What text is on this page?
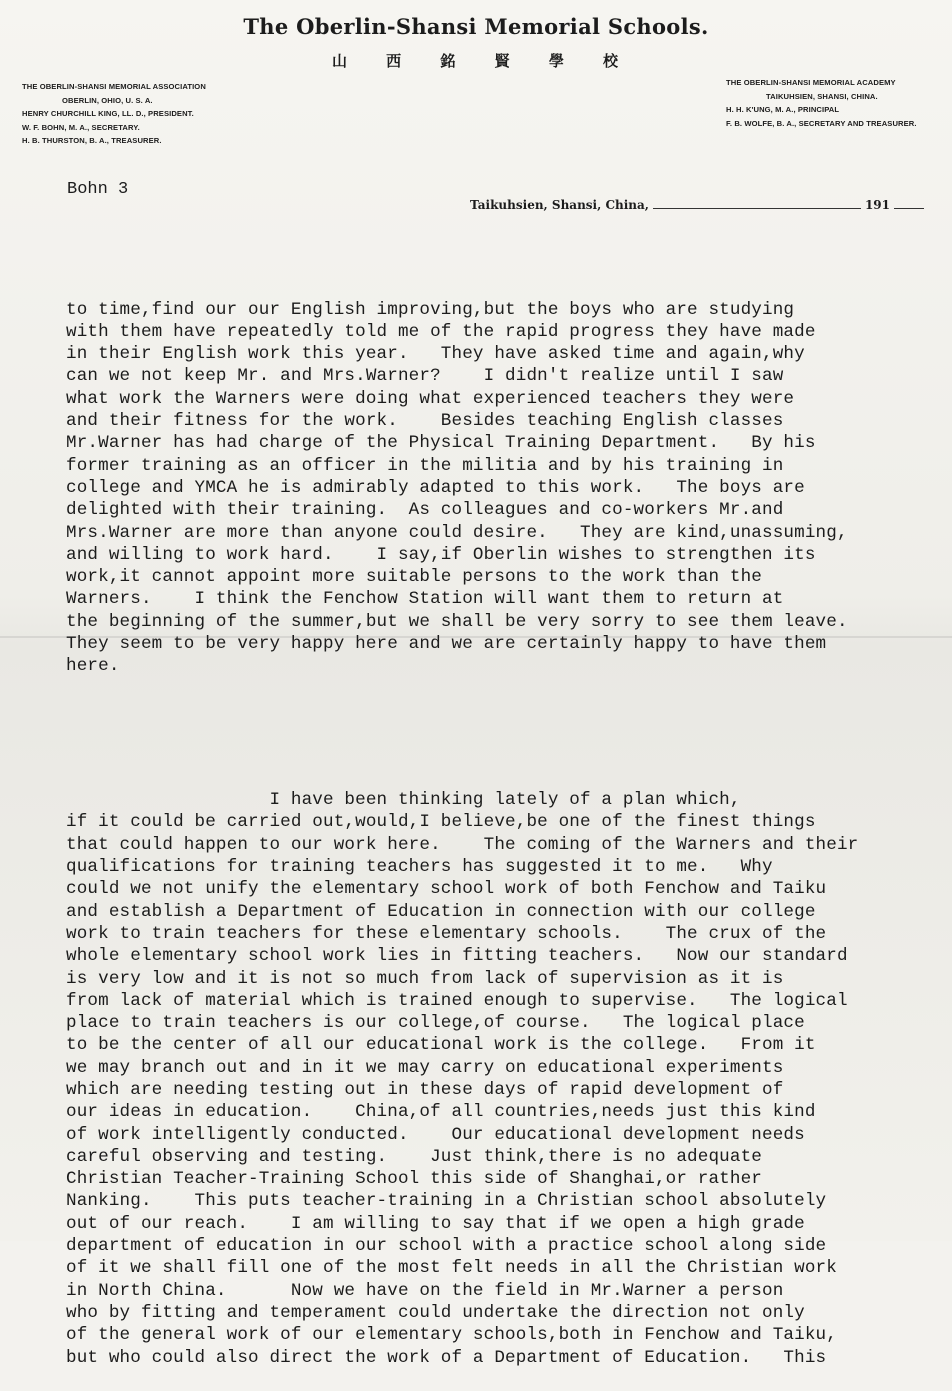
The Oberlin-Shansi Memorial Schools.
山 西 銘 賢 學 校
THE OBERLIN-SHANSI MEMORIAL ASSOCIATION
OBERLIN, OHIO, U. S. A.
HENRY CHURCHILL KING, LL. D., PRESIDENT.
W. F. BOHN, M. A., SECRETARY.
H. B. THURSTON, B. A., TREASURER.
THE OBERLIN-SHANSI MEMORIAL ACADEMY
TAIKUHSIEN, SHANSI, CHINA.
H. H. K'UNG, M. A., PRINCIPAL
F. B. WOLFE, B. A., SECRETARY AND TREASURER.
Bohn 3
Taikuhsien, Shansi, China,	191

to time,find our our English improving,but the boys who are studying
with them have repeatedly told me of the rapid progress they have made
in their English work this year.   They have asked time and again,why
can we not keep Mr. and Mrs.Warner?    I didn't realize until I saw
what work the Warners were doing what experienced teachers they were
and their fitness for the work.    Besides teaching English classes
Mr.Warner has had charge of the Physical Training Department.   By his
former training as an officer in the militia and by his training in
college and YMCA he is admirably adapted to this work.   The boys are
delighted with their training.  As colleagues and co-workers Mr.and
Mrs.Warner are more than anyone could desire.   They are kind,unassuming,
and willing to work hard.    I say,if Oberlin wishes to strengthen its
work,it cannot appoint more suitable persons to the work than the
Warners.    I think the Fenchow Station will want them to return at
the beginning of the summer,but we shall be very sorry to see them leave.
They seem to be very happy here and we are certainly happy to have them
here.

I have been thinking lately of a plan which,
if it could be carried out,would,I believe,be one of the finest things
that could happen to our work here.    The coming of the Warners and their
qualifications for training teachers has suggested it to me.   Why
could we not unify the elementary school work of both Fenchow and Taiku
and establish a Department of Education in connection with our college
work to train teachers for these elementary schools.    The crux of the
whole elementary school work lies in fitting teachers.   Now our standard
is very low and it is not so much from lack of supervision as it is
from lack of material which is trained enough to supervise.   The logical
place to train teachers is our college,of course.   The logical place
to be the center of all our educational work is the college.   From it
we may branch out and in it we may carry on educational experiments
which are needing testing out in these days of rapid development of
our ideas in education.    China,of all countries,needs just this kind
of work intelligently conducted.    Our educational development needs
careful observing and testing.    Just think,there is no adequate
Christian Teacher-Training School this side of Shanghai,or rather
Nanking.    This puts teacher-training in a Christian school absolutely
out of our reach.    I am willing to say that if we open a high grade
department of education in our school with a practice school along side
of it we shall fill one of the most felt needs in all the Christian work
in North China.      Now we have on the field in Mr.Warner a person
who by fitting and temperament could undertake the direction not only
of the general work of our elementary schools,both in Fenchow and Taiku,
but who could also direct the work of a Department of Education.   This
